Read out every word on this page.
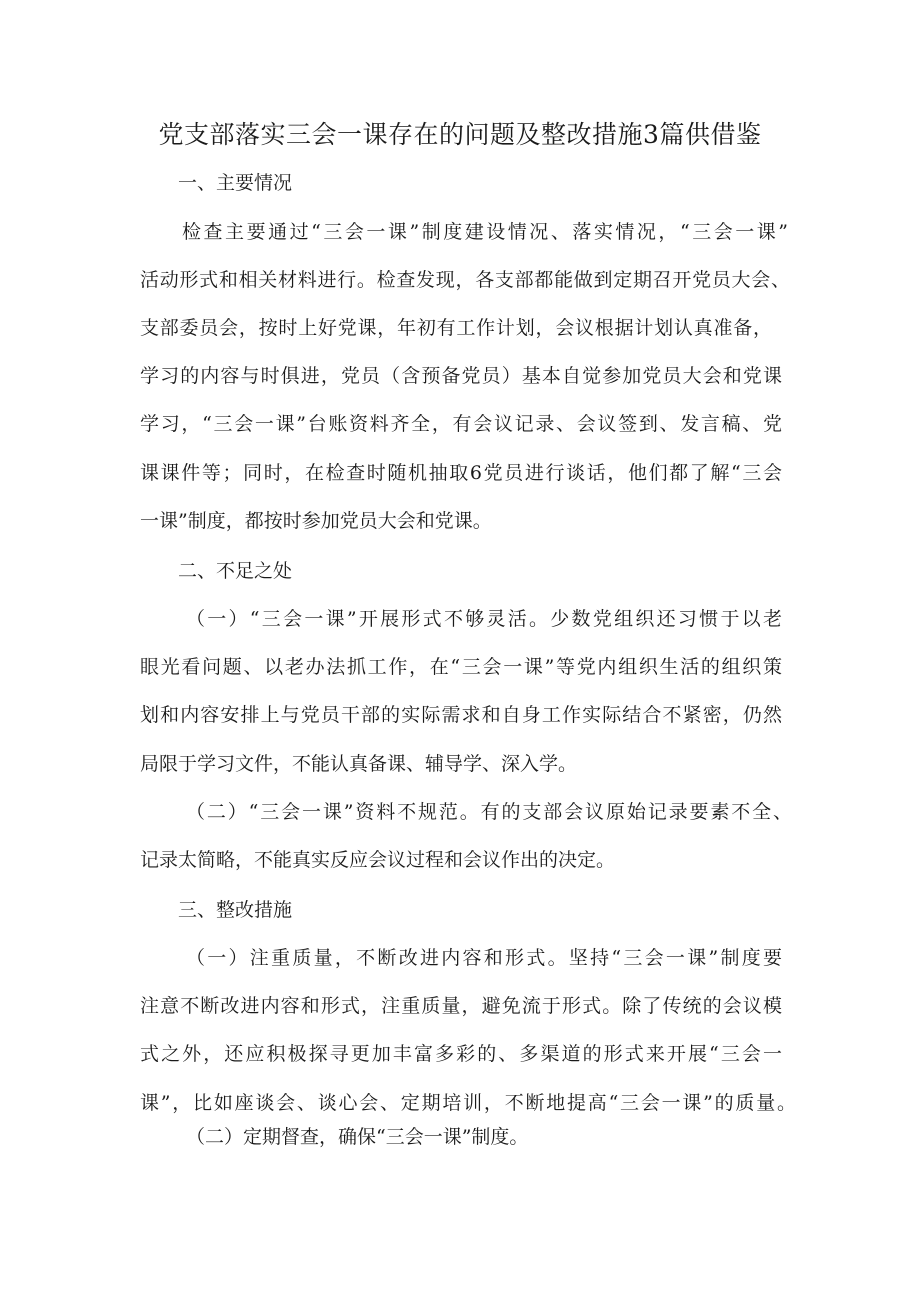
党支部落实三会一课存在的问题及整改措施3篇供借鉴
一、主要情况
检查主要通过“三会一课”制度建设情况、落实情况，“三会一课”
活动形式和相关材料进行。检查发现，各支部都能做到定期召开党员大会、
支部委员会，按时上好党课，年初有工作计划，会议根据计划认真准备，
学习的内容与时俱进，党员（含预备党员）基本自觉参加党员大会和党课
学习，“三会一课”台账资料齐全，有会议记录、会议签到、发言稿、党
课课件等；同时，在检查时随机抽取6党员进行谈话，他们都了解“三会
一课”制度，都按时参加党员大会和党课。
二、不足之处
（一）“三会一课”开展形式不够灵活。少数党组织还习惯于以老
眼光看问题、以老办法抓工作，在“三会一课”等党内组织生活的组织策
划和内容安排上与党员干部的实际需求和自身工作实际结合不紧密，仍然
局限于学习文件，不能认真备课、辅导学、深入学。
（二）“三会一课”资料不规范。有的支部会议原始记录要素不全、
记录太简略，不能真实反应会议过程和会议作出的决定。
三、整改措施
（一）注重质量，不断改进内容和形式。坚持“三会一课”制度要
注意不断改进内容和形式，注重质量，避免流于形式。除了传统的会议模
式之外，还应积极探寻更加丰富多彩的、多渠道的形式来开展“三会一
课”，比如座谈会、谈心会、定期培训，不断地提高“三会一课”的质量。
（二）定期督查，确保“三会一课”制度。
